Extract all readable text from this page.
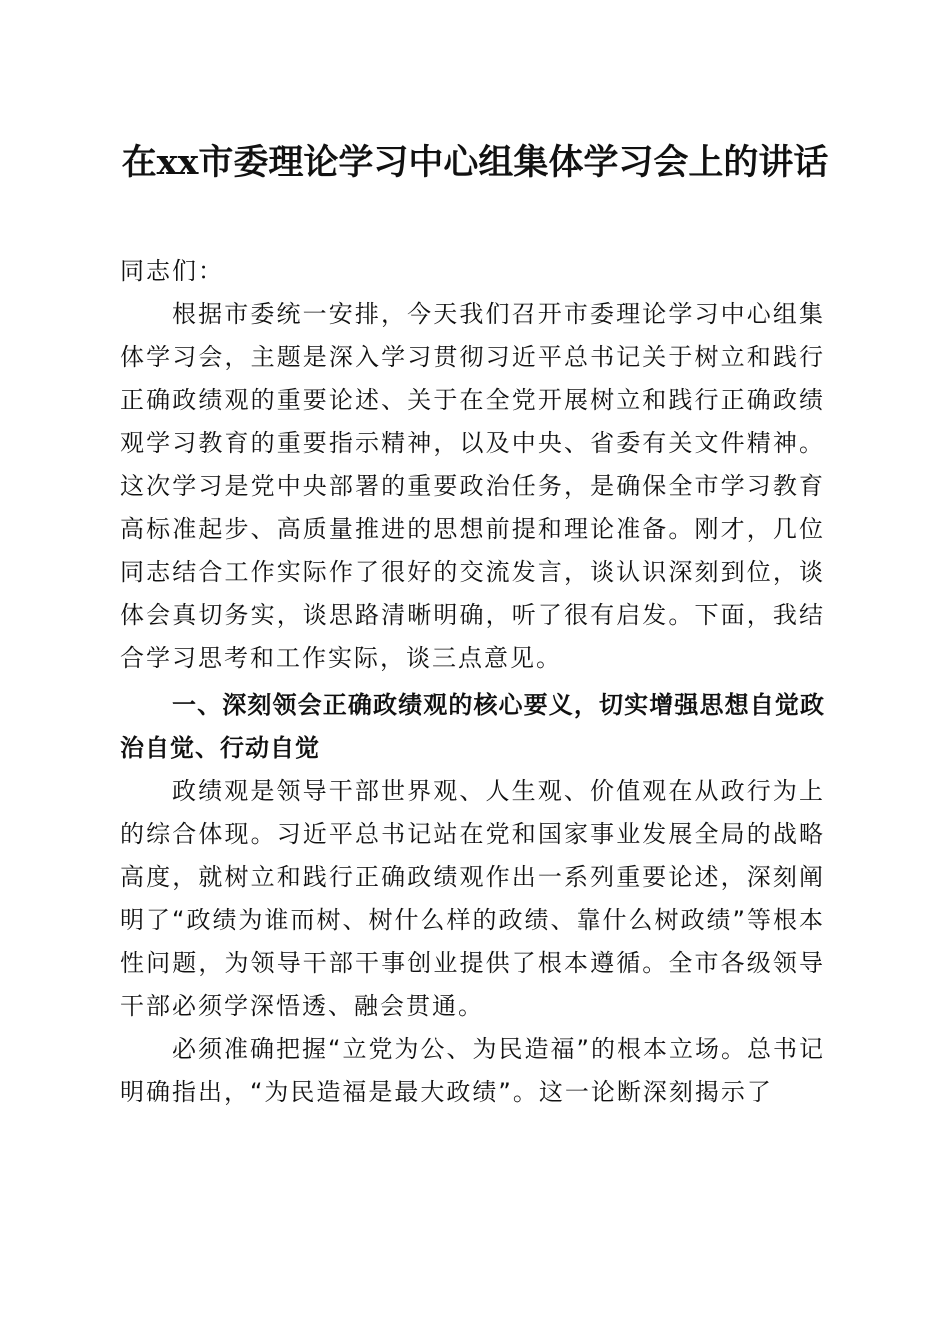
在xx市委理论学习中心组集体学习会上的讲话

同志们：

根据市委统一安排，今天我们召开市委理论学习中心组集体学习会，主题是深入学习贯彻习近平总书记关于树立和践行正确政绩观的重要论述、关于在全党开展树立和践行正确政绩观学习教育的重要指示精神，以及中央、省委有关文件精神。这次学习是党中央部署的重要政治任务，是确保全市学习教育高标准起步、高质量推进的思想前提和理论准备。刚才，几位同志结合工作实际作了很好的交流发言，谈认识深刻到位，谈体会真切务实，谈思路清晰明确，听了很有启发。下面，我结合学习思考和工作实际，谈三点意见。

一、深刻领会正确政绩观的核心要义，切实增强思想自觉政治自觉、行动自觉

政绩观是领导干部世界观、人生观、价值观在从政行为上的综合体现。习近平总书记站在党和国家事业发展全局的战略高度，就树立和践行正确政绩观作出一系列重要论述，深刻阐明了“政绩为谁而树、树什么样的政绩、靠什么树政绩”等根本性问题，为领导干部干事创业提供了根本遵循。全市各级领导干部必须学深悟透、融会贯通。

必须准确把握“立党为公、为民造福”的根本立场。总书记明确指出，“为民造福是最大政绩”。这一论断深刻揭示了
